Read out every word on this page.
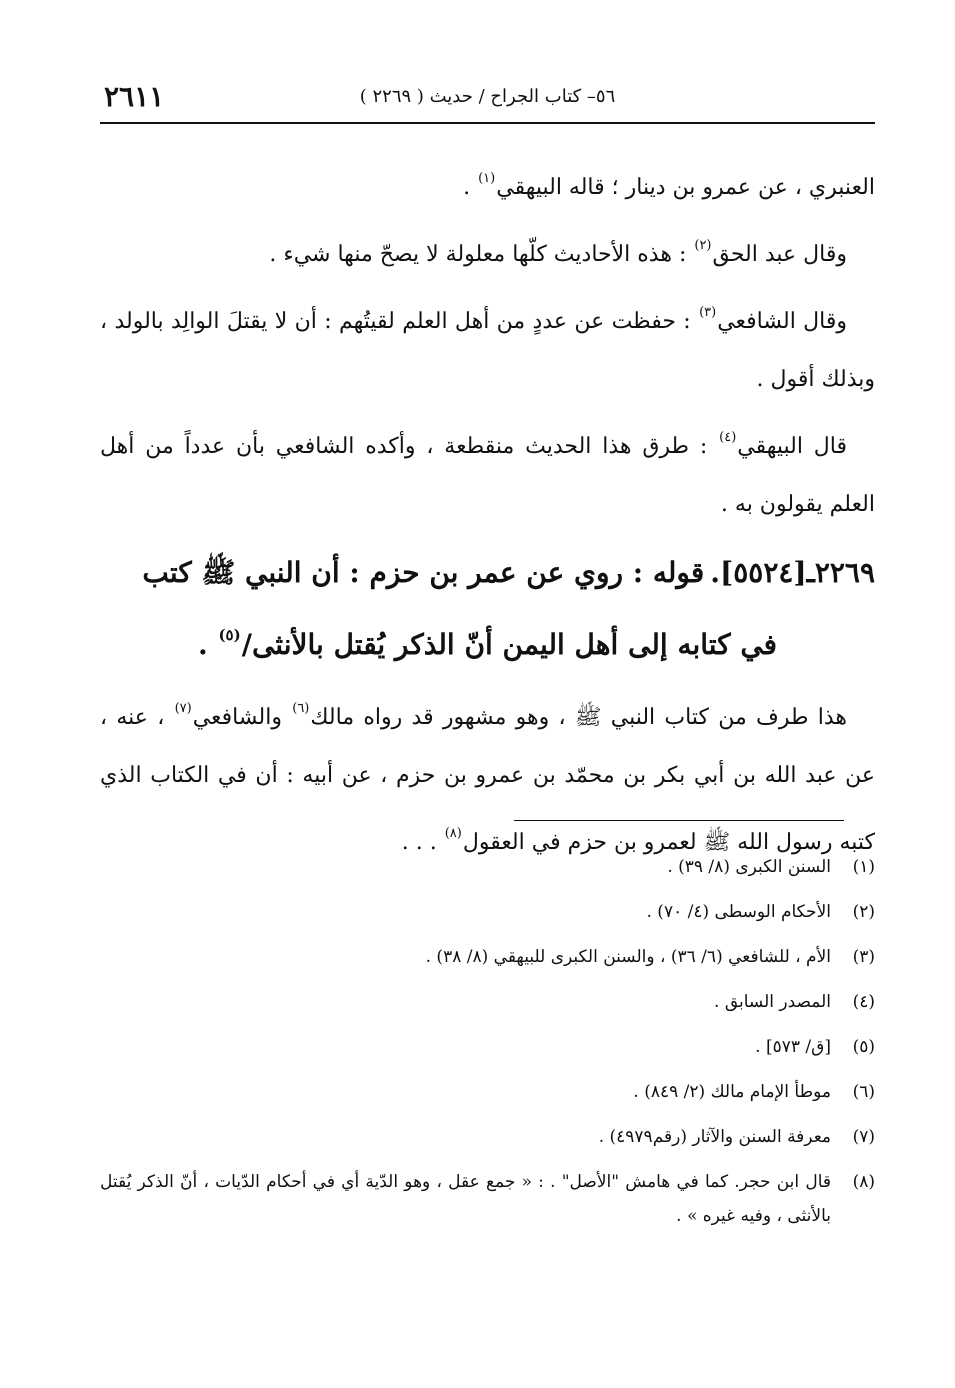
٢٦١١	٥٦– كتاب الجراح / حديث ( ٢٢٦٩ )

العنبري ، عن عمرو بن دينار ؛ قاله البيهقي$^{(١)}$ .

وقال عبد الحق$^{(٢)}$ : هذه الأحاديث كلّها معلولة لا يصحّ منها شيء .

وقال الشافعي$^{(٣)}$ : حفظت عن عددٍ من أهل العلم لقيتُهم : أن لا يقتلَ الوالِد بالولد ، وبذلك أقول .

قال البيهقي$^{(٤)}$ : طرق هذا الحديث منقطعة ، وأكده الشافعي بأن عدداً من أهل العلم يقولون به .

٢٢٦٩ـ[٥٥٢٤].قوله : روي عن عمر بن حزم : أن النبي ﷺ كتب
في كتابه إلى أهل اليمن أنّ الذكر يُقتل بالأنثى/$^{(٥)}$ .

هذا طرف من كتاب النبي ﷺ ، وهو مشهور قد رواه مالك$^{(٦)}$ والشافعي$^{(٧)}$ ، عنه ، عن عبد الله بن أبي بكر بن محمّد بن عمرو بن حزم ، عن أبيه : أن في الكتاب الذي كتبه رسول الله ﷺ لعمرو بن حزم في العقول$^{(٨)}$ . . .

(١)
السنن الكبرى (٨/ ٣٩) .
(٢)
الأحكام الوسطى (٤/ ٧٠) .
(٣)
الأم ، للشافعي (٦/ ٣٦) ، والسنن الكبرى للبيهقي (٨/ ٣٨) .
(٤)
المصدر السابق .
(٥)
[ق/ ٥٧٣] .
(٦)
موطأ الإمام مالك (٢/ ٨٤٩) .
(٧)
معرفة السنن والآثار (رقم٤٩٧٩) .
(٨)
قال ابن حجر. كما في هامش "الأصل" . : « جمع عقل ، وهو الدّية أي في أحكام الدّيات ، أنّ الذكر يُقتل بالأنثى ، وفيه غيره » .
